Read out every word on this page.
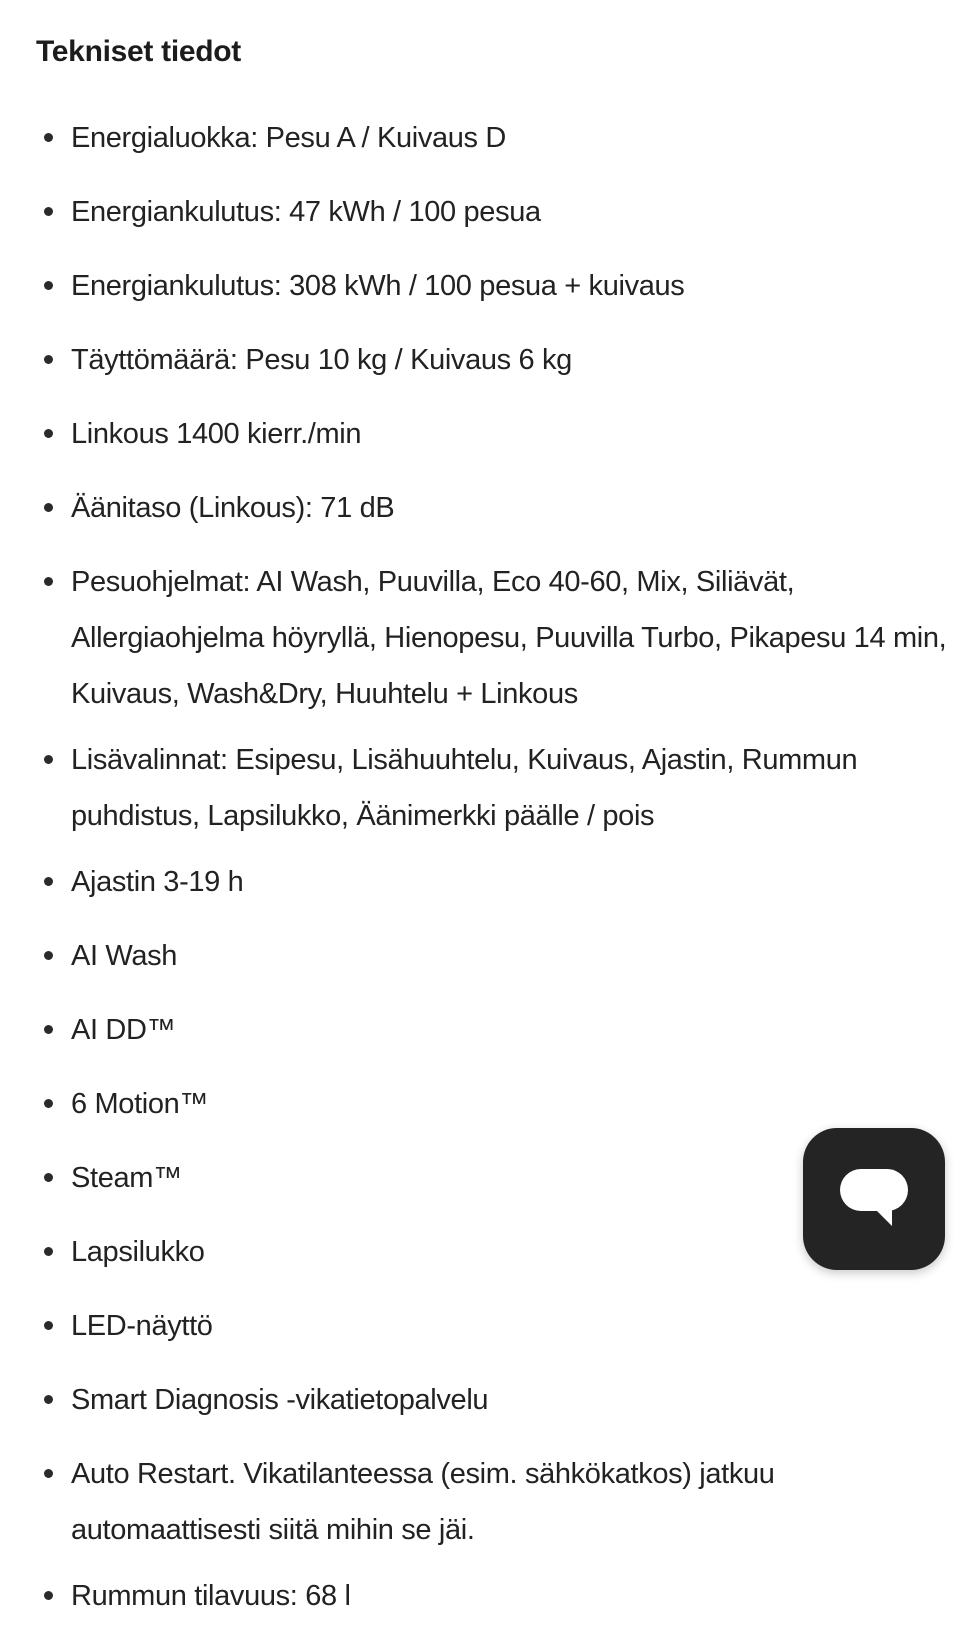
Tekniset tiedot
Energialuokka: Pesu A / Kuivaus D
Energiankulutus: 47 kWh / 100 pesua
Energiankulutus: 308 kWh / 100 pesua + kuivaus
Täyttömäärä: Pesu 10 kg / Kuivaus 6 kg
Linkous 1400 kierr./min
Äänitaso (Linkous): 71 dB
Pesuohjelmat: AI Wash, Puuvilla, Eco 40-60, Mix, Siliävät, Allergiaohjelma höyryllä, Hienopesu, Puuvilla Turbo, Pikapesu 14 min, Kuivaus, Wash&Dry, Huuhtelu + Linkous
Lisävalinnat: Esipesu, Lisähuuhtelu, Kuivaus, Ajastin, Rummun puhdistus, Lapsilukko, Äänimerkki päälle / pois
Ajastin 3-19 h
AI Wash
AI DD™
6 Motion™
Steam™
Lapsilukko
LED-näyttö
Smart Diagnosis -vikatietopalvelu
Auto Restart. Vikatilanteessa (esim. sähkökatkos) jatkuu automaattisesti siitä mihin se jäi.
Rummun tilavuus: 68 l
